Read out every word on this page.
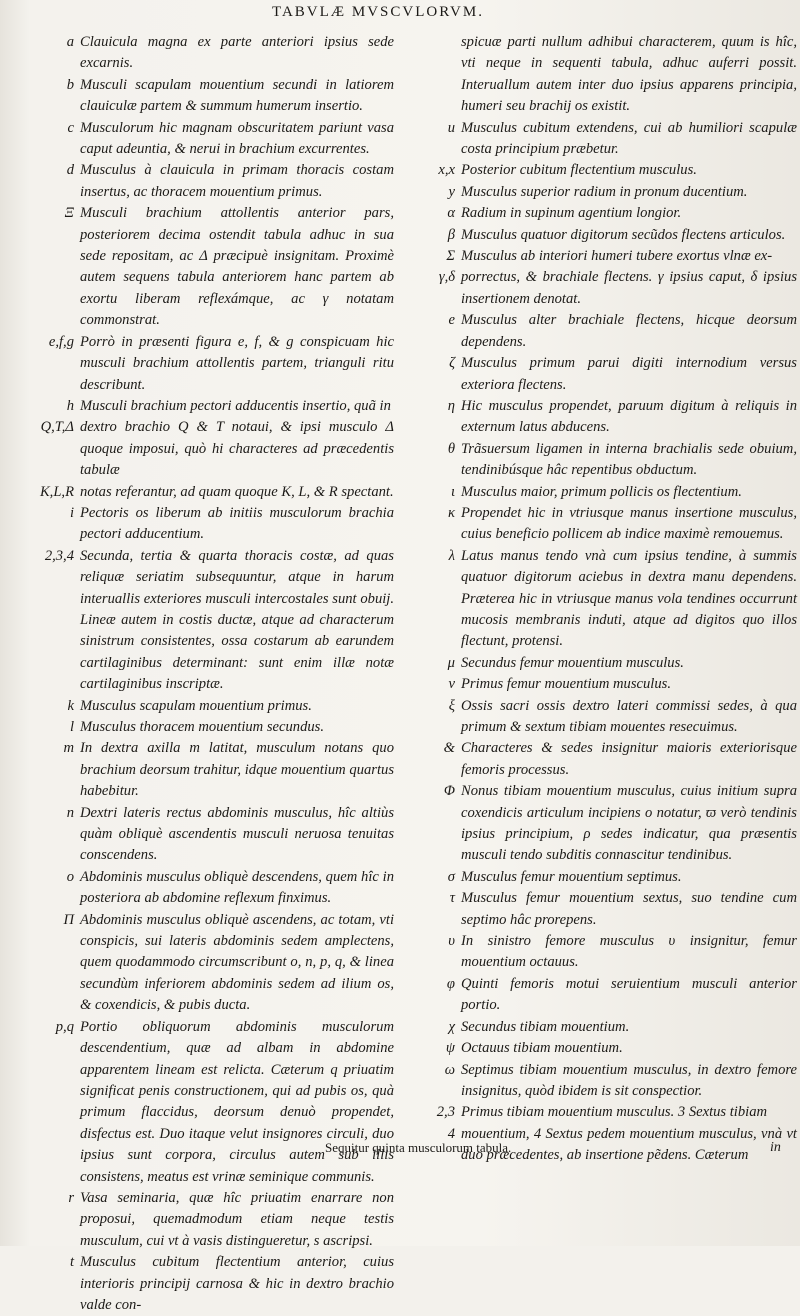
TABVLÆ MVSCVLORVM.
a Clauicula magna ex parte anteriori ipsius sede excarnis.
b Musculi scapulam mouentium secundi in latiorem clauiculæ partem & summum humerum insertio.
c Musculorum hic magnam obscuritatem pariunt vasa caput adeuntia, & nerui in brachium excurrentes.
d Musculus à clauicula in primam thoracis costam insertus, ac thoracem mouentium primus.
Ξ Musculi brachium attollentis anterior pars, posteriorem decima ostendit tabula adhuc in sua sede repositam, ac Δ præcipuè insignitam. Proximè autem sequens tabula anteriorem hanc partem ab exortu liberam reflexámque, ac γ notatam commonstrat.
e,f,g Porrò in præsenti figura e, f, & g conspicuam hic musculi brachium attollentis partem, trianguli ritu describunt.
h Musculi brachium pectori adducentis insertio, quã in
Q,T,Δ dextro brachio Q & T notaui, & ipsi musculo Δ quoque imposui, quò hi characteres ad præcedentis tabulæ
K,L,R notas referantur, ad quam quoque K, L, & R spectant.
i Pectoris os liberum ab initiis musculorum brachia pectori adducentium.
2,3,4 Secunda, tertia & quarta thoracis costæ, ad quas reliquæ seriatim subsequuntur, atque in harum interuallis exteriores musculi intercostales sunt obuij. Lineæ autem in costis ductæ, atque ad characterum sinistrum consistentes, ossa costarum ab earundem cartilaginibus determinant: sunt enim illæ notæ cartilaginibus inscriptæ.
k Musculus scapulam mouentium primus.
l Musculus thoracem mouentium secundus.
m In dextra axilla m latitat, musculum notans quo brachium deorsum trahitur, idque mouentium quartus habebitur.
n Dextri lateris rectus abdominis musculus, hîc altiùs quàm obliquè ascendentis musculi neruosa tenuitas conscendens.
o Abdominis musculus obliquè descendens, quem hîc in posteriora ab abdomine reflexum finximus.
Π Abdominis musculus obliquè ascendens, ac totam, vti conspicis, sui lateris abdominis sedem amplectens, quem quodammodo circumscribunt o, n, p, q, & linea secundùm inferiorem abdominis sedem ad ilium os, & coxendicis, & pubis ducta.
p,q Portio obliquorum abdominis musculorum descendentium, quæ ad albam in abdomine apparentem lineam est relicta. Cæterum q priuatim significat penis constructionem, qui ad pubis os, quà primum flaccidus, deorsum denuò propendet, disfectus est. Duo itaque velut insignores circuli, duo ipsius sunt corpora, circulus autem sub illis consistens, meatus est vrinæ seminique communis.
r Vasa seminaria, quæ hîc priuatim enarrare non proposui, quemadmodum etiam neque testis musculum, cui vt à vasis distingueretur, s ascripsi.
t Musculus cubitum flectentium anterior, cuius interioris principij carnosa & hic in dextro brachio valde con-
spicuæ parti nullum adhibui characterem, quum is hîc, vti neque in sequenti tabula, adhuc auferri possit. Interuallum autem inter duo ipsius apparens principia, humeri seu brachij os existit.
u Musculus cubitum extendens, cui ab humiliori scapulæ costa principium præbetur.
x,x Posterior cubitum flectentium musculus.
y Musculus superior radium in pronum ducentium.
α Radium in supinum agentium longior.
β Musculus quatuor digitorum secũdos flectens articulos.
Σ Musculus ab interiori humeri tubere exortus vlnæ ex-
γ,δ porrectus, & brachiale flectens. γ ipsius caput, δ ipsius insertionem denotat.
e Musculus alter brachiale flectens, hicque deorsum dependens.
ζ Musculus primum parui digiti internodium versus exteriora flectens.
η Hic musculus propendet, paruum digitum à reliquis in externum latus abducens.
θ Trãsuersum ligamen in interna brachialis sede obuium, tendinibúsque hâc repentibus obductum.
ι Musculus maior, primum pollicis os flectentium.
κ Propendet hic in vtriusque manus insertione musculus, cuius beneficio pollicem ab indice maximè remouemus.
λ Latus manus tendo vnà cum ipsius tendine, à summis quatuor digitorum aciebus in dextra manu dependens. Præterea hic in vtriusque manus vola tendines occurrunt mucosis membranis induti, atque ad digitos quo illos flectunt, protensi.
μ Secundus femur mouentium musculus.
ν Primus femur mouentium musculus.
ξ Ossis sacri ossis dextro lateri commissi sedes, à qua primum & sextum tibiam mouentes resecuimus.
& Characteres & sedes insignitur maioris exteriorisque femoris processus.
Φ Nonus tibiam mouentium musculus, cuius initium supra coxendicis articulum incipiens o notatur, ϖ verò tendinis ipsius principium, ρ sedes indicatur, qua præsentis musculi tendo subditis connascitur tendinibus.
σ Musculus femur mouentium septimus.
τ Musculus femur mouentium sextus, suo tendine cum septimo hâc prorepens.
υ In sinistro femore musculus υ insignitur, femur mouentium octauus.
φ Quinti femoris motui seruientium musculi anterior portio.
χ Secundus tibiam mouentium.
ψ Octauus tibiam mouentium.
ω Septimus tibiam mouentium musculus, in dextro femore insignitus, quòd ibidem is sit conspectior.
2,3 Primus tibiam mouentium musculus. 3 Sextus tibiam
4 mouentium, 4 Sextus pedem mouentium musculus, vnà vt duo præcedentes, ab insertione pẽdens. Cæterum
Sequitur quinta musculorum tabula.	in
